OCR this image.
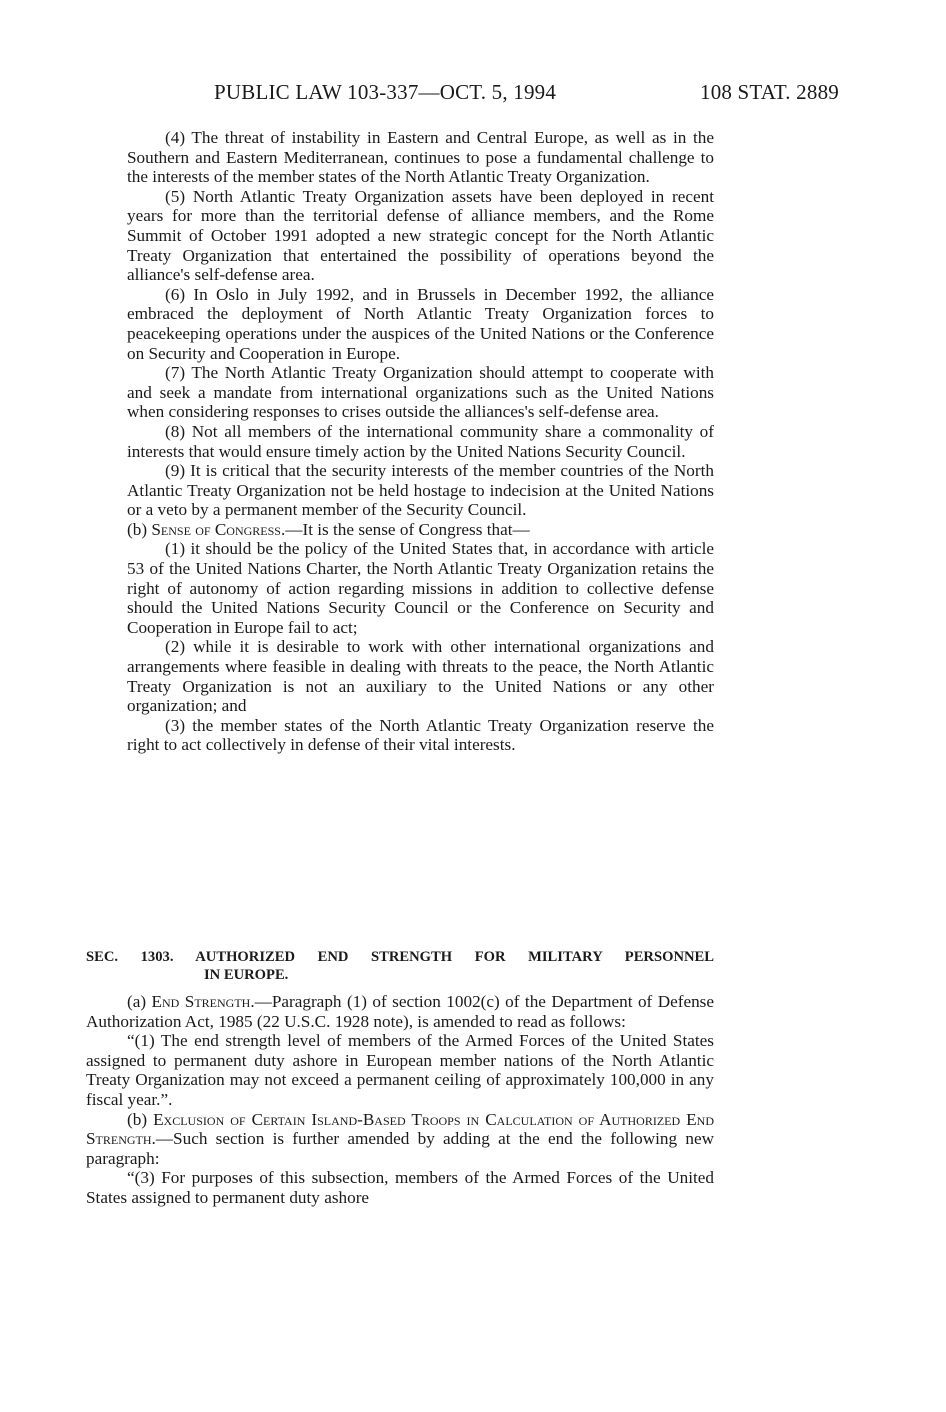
PUBLIC LAW 103-337—OCT. 5, 1994	108 STAT. 2889

(4) The threat of instability in Eastern and Central Europe, as well as in the Southern and Eastern Mediterranean, continues to pose a fundamental challenge to the interests of the member states of the North Atlantic Treaty Organization.

(5) North Atlantic Treaty Organization assets have been deployed in recent years for more than the territorial defense of alliance members, and the Rome Summit of October 1991 adopted a new strategic concept for the North Atlantic Treaty Organization that entertained the possibility of operations beyond the alliance's self-defense area.

(6) In Oslo in July 1992, and in Brussels in December 1992, the alliance embraced the deployment of North Atlantic Treaty Organization forces to peacekeeping operations under the auspices of the United Nations or the Conference on Security and Cooperation in Europe.

(7) The North Atlantic Treaty Organization should attempt to cooperate with and seek a mandate from international organizations such as the United Nations when considering responses to crises outside the alliances's self-defense area.

(8) Not all members of the international community share a commonality of interests that would ensure timely action by the United Nations Security Council.

(9) It is critical that the security interests of the member countries of the North Atlantic Treaty Organization not be held hostage to indecision at the United Nations or a veto by a permanent member of the Security Council.

(b) Sense of Congress.—It is the sense of Congress that—

(1) it should be the policy of the United States that, in accordance with article 53 of the United Nations Charter, the North Atlantic Treaty Organization retains the right of autonomy of action regarding missions in addition to collective defense should the United Nations Security Council or the Conference on Security and Cooperation in Europe fail to act;

(2) while it is desirable to work with other international organizations and arrangements where feasible in dealing with threats to the peace, the North Atlantic Treaty Organization is not an auxiliary to the United Nations or any other organization; and

(3) the member states of the North Atlantic Treaty Organization reserve the right to act collectively in defense of their vital interests.

SEC. 1303. AUTHORIZED END STRENGTH FOR MILITARY PERSONNEL
IN EUROPE.

(a) End Strength.—Paragraph (1) of section 1002(c) of the Department of Defense Authorization Act, 1985 (22 U.S.C. 1928 note), is amended to read as follows:

“(1) The end strength level of members of the Armed Forces of the United States assigned to permanent duty ashore in European member nations of the North Atlantic Treaty Organization may not exceed a permanent ceiling of approximately 100,000 in any fiscal year.”.

(b) Exclusion of Certain Island-Based Troops in Calculation of Authorized End Strength.—Such section is further amended by adding at the end the following new paragraph:

“(3) For purposes of this subsection, members of the Armed Forces of the United States assigned to permanent duty ashore
